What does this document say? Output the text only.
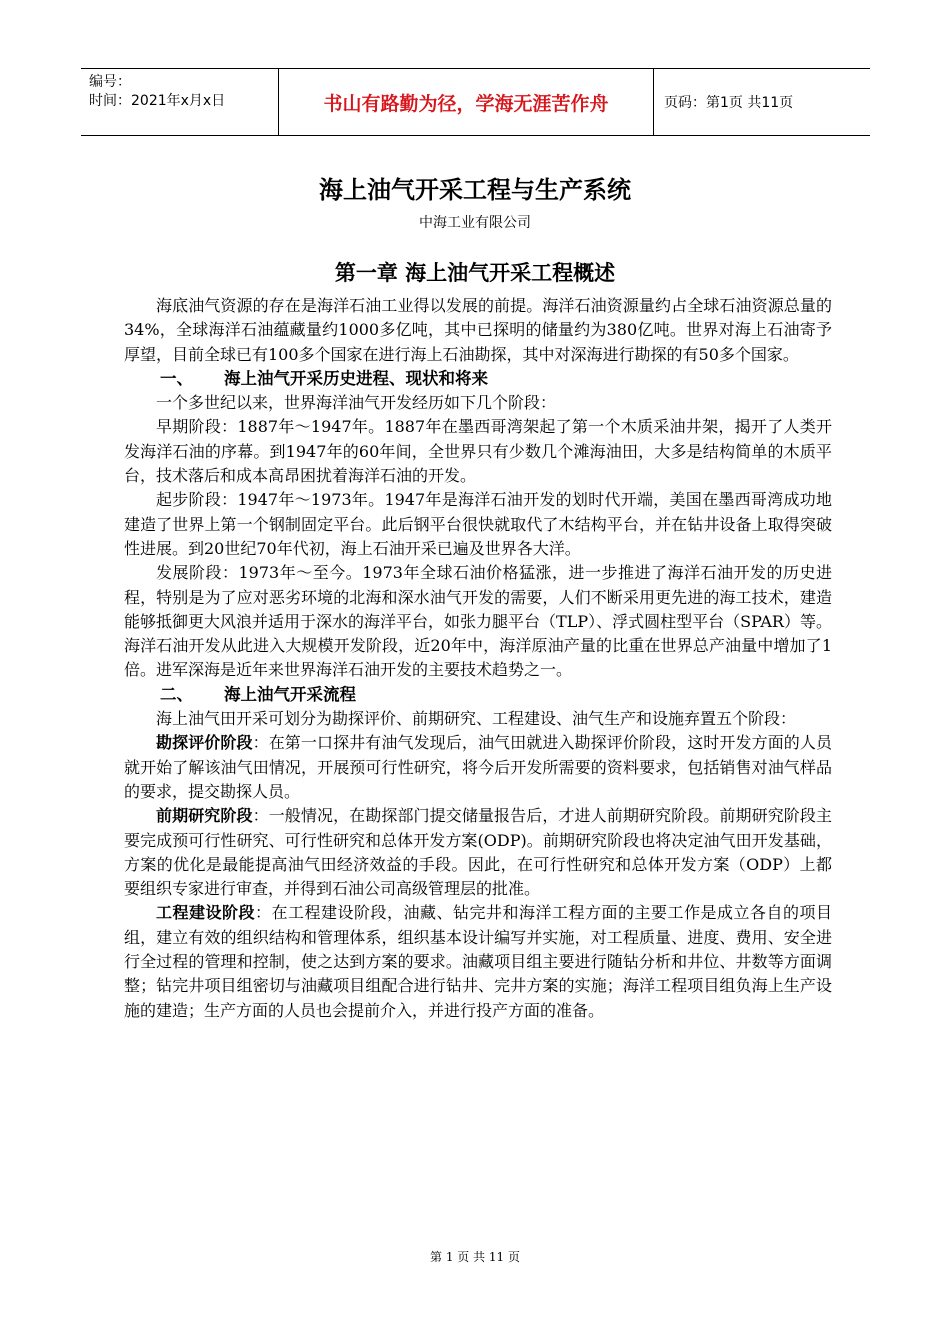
编号：
时间：2021年x月x日	书山有路勤为径，学海无涯苦作舟	页码：第1页 共11页
海上油气开采工程与生产系统
中海工业有限公司
第一章 海上油气开采工程概述

海底油气资源的存在是海洋石油工业得以发展的前提。海洋石油资源量约占全球石油资源总量的34%，全球海洋石油蕴藏量约1000多亿吨，其中已探明的储量约为380亿吨。世界对海上石油寄予厚望，目前全球已有100多个国家在进行海上石油勘探，其中对深海进行勘探的有50多个国家。

一、 海上油气开采历史进程、现状和将来

一个多世纪以来，世界海洋油气开发经历如下几个阶段：

早期阶段：1887年～1947年。1887年在墨西哥湾架起了第一个木质采油井架，揭开了人类开发海洋石油的序幕。到1947年的60年间，全世界只有少数几个滩海油田，大多是结构简单的木质平台，技术落后和成本高昂困扰着海洋石油的开发。

起步阶段：1947年～1973年。1947年是海洋石油开发的划时代开端，美国在墨西哥湾成功地建造了世界上第一个钢制固定平台。此后钢平台很快就取代了木结构平台，并在钻井设备上取得突破性进展。到20世纪70年代初，海上石油开采已遍及世界各大洋。

发展阶段：1973年～至今。1973年全球石油价格猛涨，进一步推进了海洋石油开发的历史进程，特别是为了应对恶劣环境的北海和深水油气开发的需要，人们不断采用更先进的海工技术，建造能够抵御更大风浪并适用于深水的海洋平台，如张力腿平台（TLP）、浮式圆柱型平台（SPAR）等。海洋石油开发从此进入大规模开发阶段，近20年中，海洋原油产量的比重在世界总产油量中增加了1倍。进军深海是近年来世界海洋石油开发的主要技术趋势之一。

二、 海上油气开采流程

海上油气田开采可划分为勘探评价、前期研究、工程建设、油气生产和设施弃置五个阶段：

勘探评价阶段：在第一口探井有油气发现后，油气田就进入勘探评价阶段，这时开发方面的人员就开始了解该油气田情况，开展预可行性研究，将今后开发所需要的资料要求，包括销售对油气样品的要求，提交勘探人员。

前期研究阶段：一般情况，在勘探部门提交储量报告后，才进人前期研究阶段。前期研究阶段主要完成预可行性研究、可行性研究和总体开发方案(ODP)。前期研究阶段也将决定油气田开发基础，方案的优化是最能提高油气田经济效益的手段。因此，在可行性研究和总体开发方案（ODP）上都要组织专家进行审查，并得到石油公司高级管理层的批准。

工程建设阶段：在工程建设阶段，油藏、钻完井和海洋工程方面的主要工作是成立各自的项目组，建立有效的组织结构和管理体系，组织基本设计编写并实施，对工程质量、进度、费用、安全进行全过程的管理和控制，使之达到方案的要求。油藏项目组主要进行随钻分析和井位、井数等方面调整；钻完井项目组密切与油藏项目组配合进行钻井、完井方案的实施；海洋工程项目组负海上生产设施的建造；生产方面的人员也会提前介入，并进行投产方面的准备。

第 1 页 共 11 页
